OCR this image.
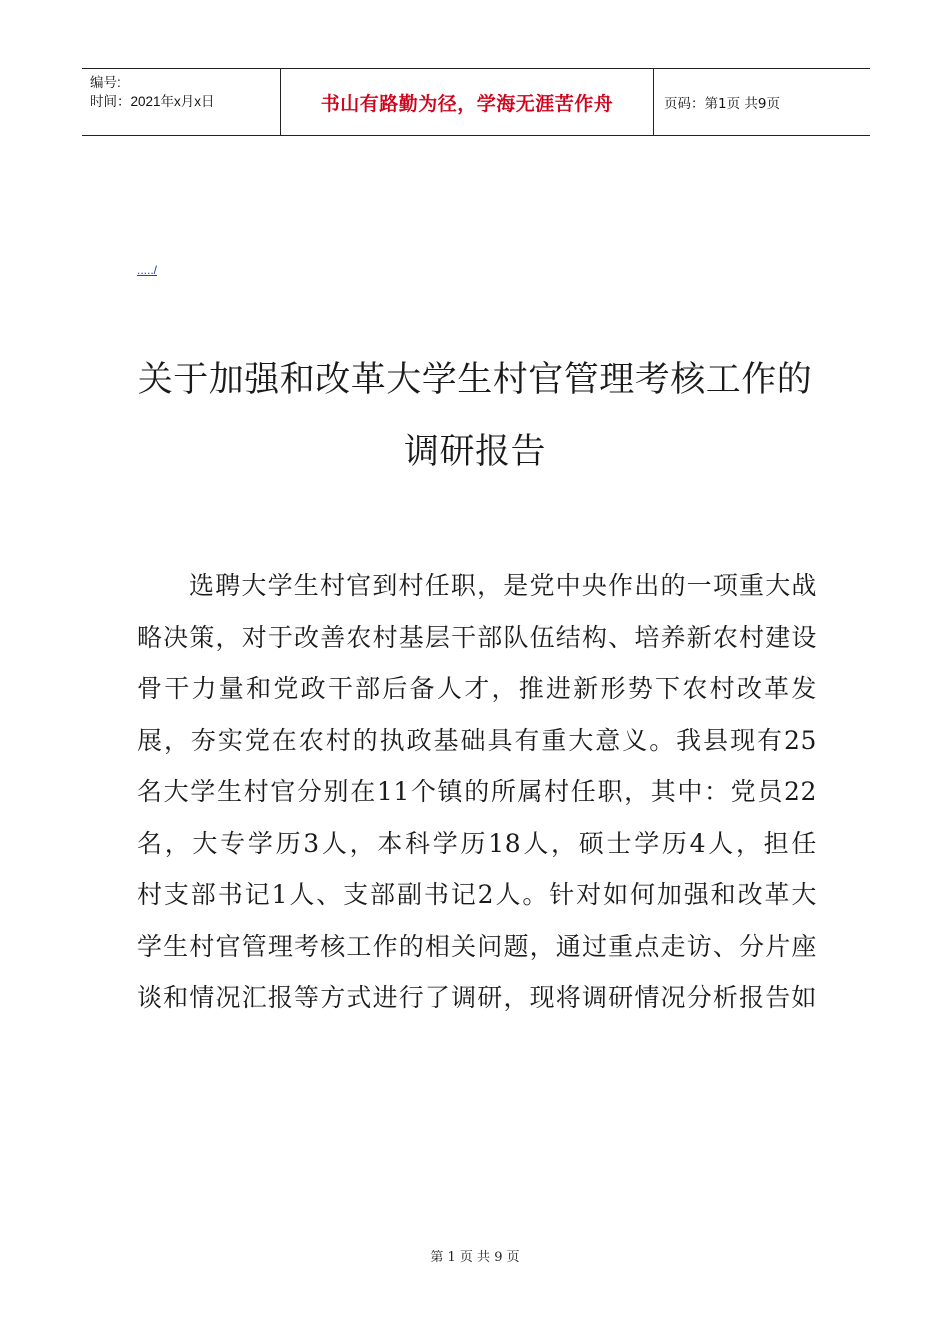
编号:
时间：2021年x月x日	书山有路勤为径，学海无涯苦作舟	页码：第1页 共9页
...../
关于加强和改革大学生村官管理考核工作的
调研报告
选聘大学生村官到村任职，是党中央作出的一项重大战
略决策，对于改善农村基层干部队伍结构、培养新农村建设
骨干力量和党政干部后备人才，推进新形势下农村改革发
展，夯实党在农村的执政基础具有重大意义。我县现有25
名大学生村官分别在11个镇的所属村任职，其中：党员22
名，大专学历3人，本科学历18人，硕士学历4人，担任
村支部书记1人、支部副书记2人。针对如何加强和改革大
学生村官管理考核工作的相关问题，通过重点走访、分片座
谈和情况汇报等方式进行了调研，现将调研情况分析报告如
第 1 页 共 9 页
